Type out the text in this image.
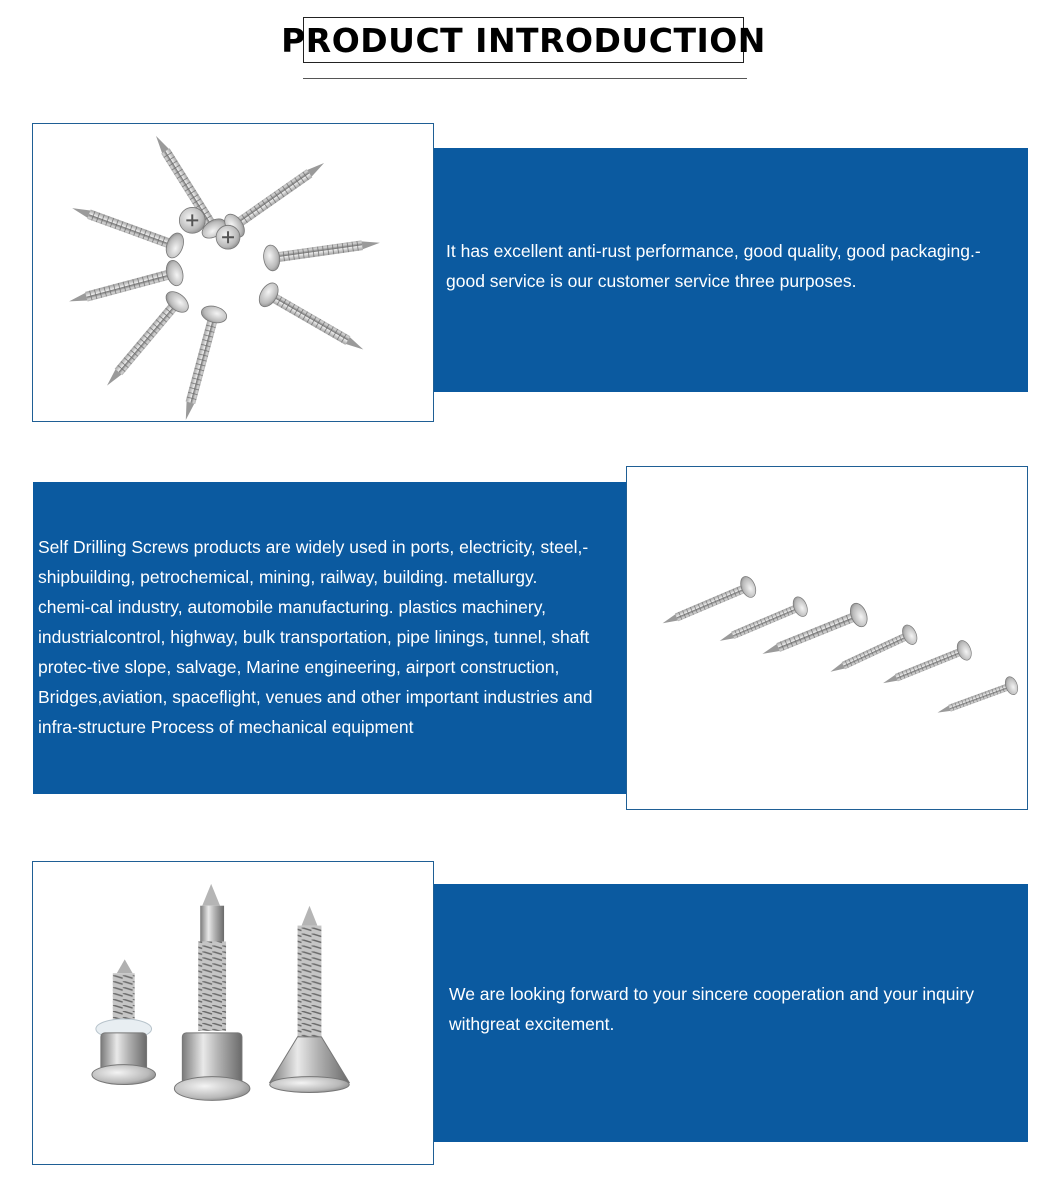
PRODUCT INTRODUCTION
It has excellent anti-rust performance, good quality, good packaging.-
good service is our customer service three purposes.
Self Drilling Screws products are widely used in ports, electricity, steel,-
shipbuilding, petrochemical, mining, railway, building. metallurgy.
chemi-cal industry, automobile manufacturing. plastics machinery,
industrialcontrol, highway, bulk transportation, pipe linings, tunnel, shaft
protec-tive slope, salvage, Marine engineering, airport construction,
Bridges,aviation, spaceflight, venues and other important industries and
infra-structure Process of mechanical equipment
We are looking forward to your sincere cooperation and your inquiry
withgreat excitement.
